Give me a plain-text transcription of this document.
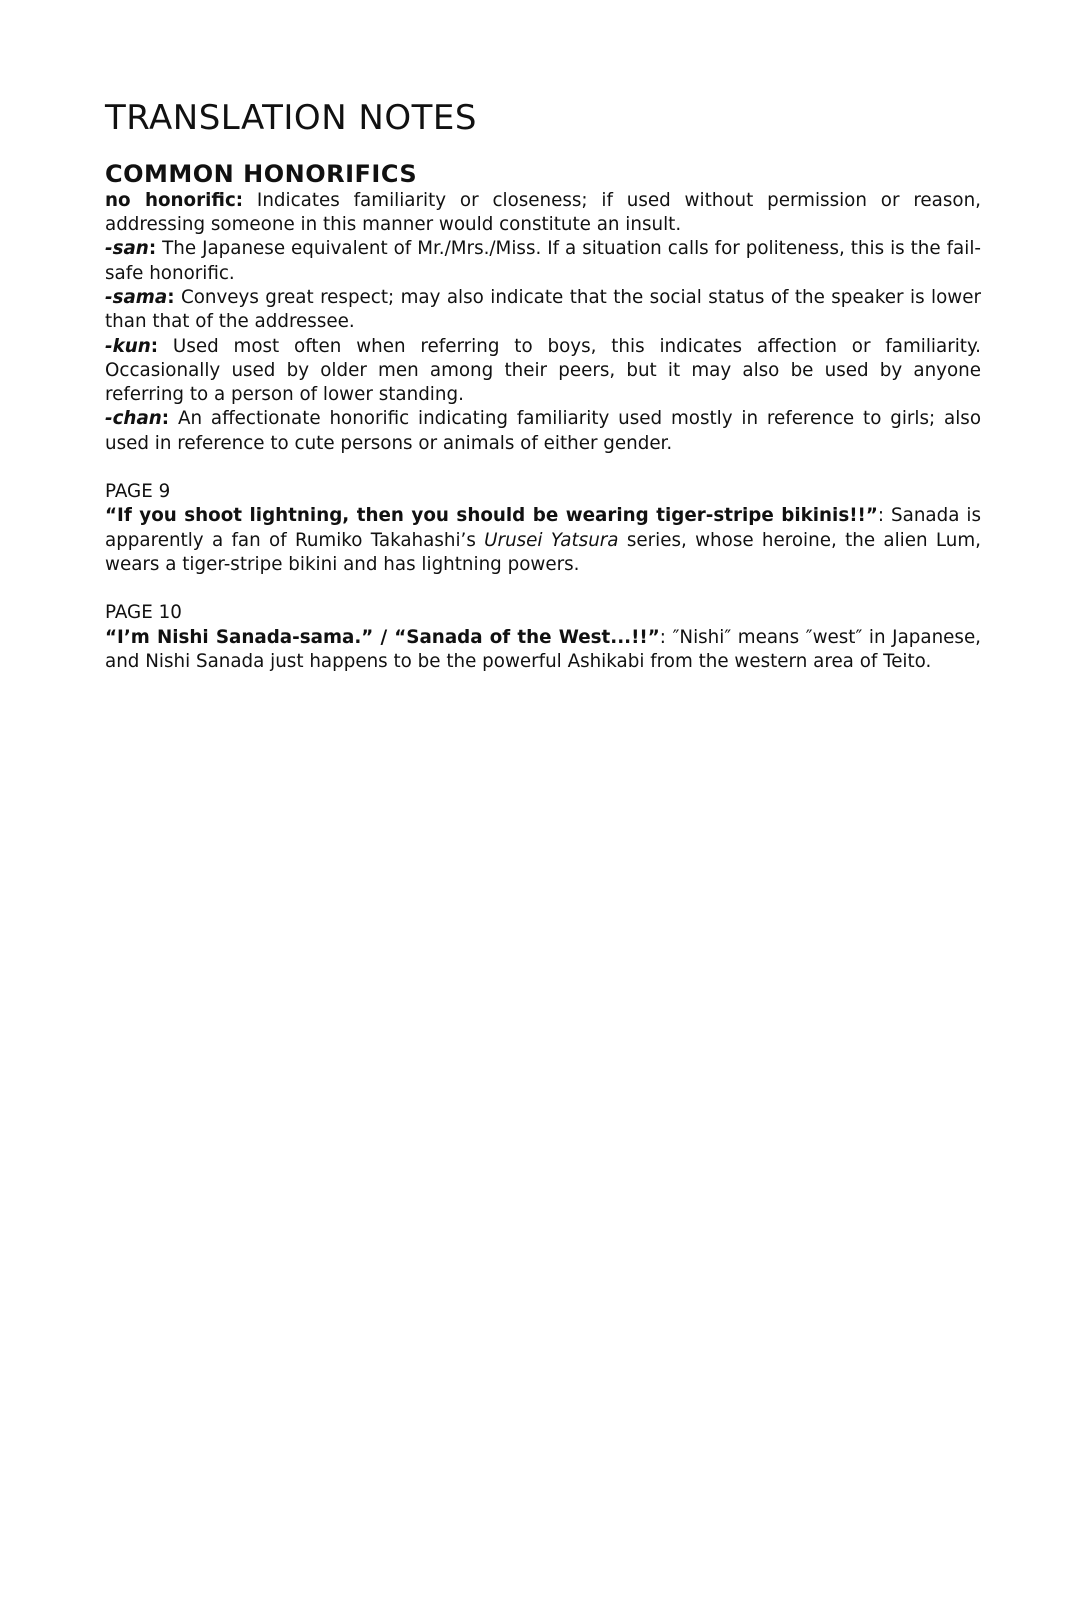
TRANSLATION NOTES
COMMON HONORIFICS

no honorific: Indicates familiarity or closeness; if used without permission or reason, addressing someone in this manner would constitute an insult.

-san: The Japanese equivalent of Mr./Mrs./Miss. If a situation calls for politeness, this is the fail-safe honorific.

-sama: Conveys great respect; may also indicate that the social status of the speaker is lower than that of the addressee.

-kun: Used most often when referring to boys, this indicates affection or familiarity. Occasionally used by older men among their peers, but it may also be used by anyone referring to a person of lower standing.

-chan: An affectionate honorific indicating familiarity used mostly in reference to girls; also used in reference to cute persons or animals of either gender.

PAGE 9

“If you shoot lightning, then you should be wearing tiger-stripe bikinis!!”: Sanada is apparently a fan of Rumiko Takahashi’s Urusei Yatsura series, whose heroine, the alien Lum, wears a tiger-stripe bikini and has lightning powers.

PAGE 10

“I’m Nishi Sanada-sama.” / “Sanada of the West...!!”: ″Nishi″ means ″west″ in Japanese, and Nishi Sanada just happens to be the powerful Ashikabi from the western area of Teito.
